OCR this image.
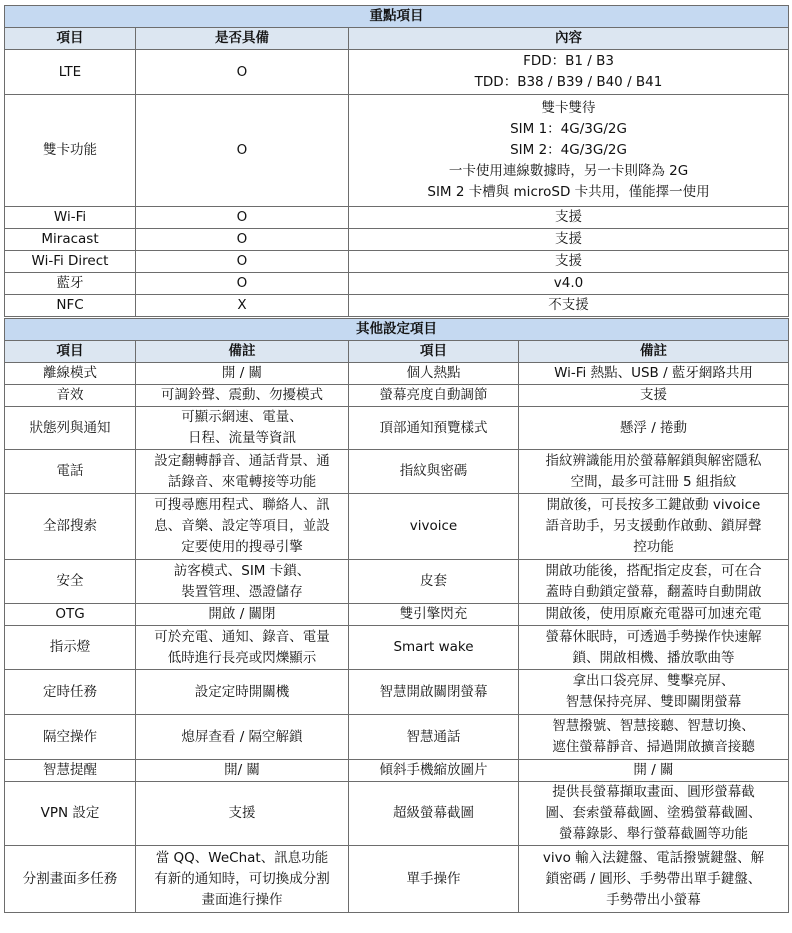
重點項目		
項目	是否具備	內容
LTE	O	FDD：B1 / B3
TDD：B38 / B39 / B40 / B41

雙卡功能	O	雙卡雙待
SIM 1：4G/3G/2G
SIM 2：4G/3G/2G
一卡使用連線數據時，另一卡則降為 2G
SIM 2 卡槽與 microSD 卡共用，僅能擇一使用

Wi-Fi	O	支援

Miracast	O	支援

Wi-Fi Direct	O	支援

藍牙	O	v4.0

NFC	X	不支援
其他設定項目			
項目	備註	項目	備註
離線模式	開 / 關	個人熱點	Wi-Fi 熱點、USB / 藍牙網路共用

音效	可調鈴聲、震動、勿擾模式	螢幕亮度自動調節	支援

狀態列與通知	可顯示網速、電量、
日程、流量等資訊	頂部通知預覽樣式	懸浮 / 捲動

電話	設定翻轉靜音、通話背景、通
話錄音、來電轉接等功能	指紋與密碼	指紋辨識能用於螢幕解鎖與解密隱私
空間，最多可註冊 5 組指紋

全部搜索	可搜尋應用程式、聯絡人、訊
息、音樂、設定等項目，並設
定要使用的搜尋引擎	vivoice	開啟後，可長按多工鍵啟動 vivoice
語音助手，另支援動作啟動、鎖屏聲
控功能

安全	訪客模式、SIM 卡鎖、
裝置管理、憑證儲存	皮套	開啟功能後，搭配指定皮套，可在合
蓋時自動鎖定螢幕，翻蓋時自動開啟

OTG	開啟 / 關閉	雙引擎閃充	開啟後，使用原廠充電器可加速充電

指示燈	可於充電、通知、錄音、電量
低時進行長亮或閃爍顯示	Smart wake	螢幕休眠時，可透過手勢操作快速解
鎖、開啟相機、播放歌曲等

定時任務	設定定時開關機	智慧開啟關閉螢幕	拿出口袋亮屏、雙擊亮屏、
智慧保持亮屏、雙即關閉螢幕

隔空操作	熄屏查看 / 隔空解鎖	智慧通話	智慧撥號、智慧接聽、智慧切換、
遮住螢幕靜音、掃過開啟擴音接聽

智慧提醒	開/ 關	傾斜手機縮放圖片	開 / 關

VPN 設定	支援	超級螢幕截圖	提供長螢幕擷取畫面、圓形螢幕截
圖、套索螢幕截圖、塗鴉螢幕截圖、
螢幕錄影、舉行螢幕截圖等功能

分割畫面多任務	當 QQ、WeChat、訊息功能
有新的通知時，可切換成分割
畫面進行操作	單手操作	vivo 輸入法鍵盤、電話撥號鍵盤、解
鎖密碼 / 圓形、手勢帶出單手鍵盤、
手勢帶出小螢幕
